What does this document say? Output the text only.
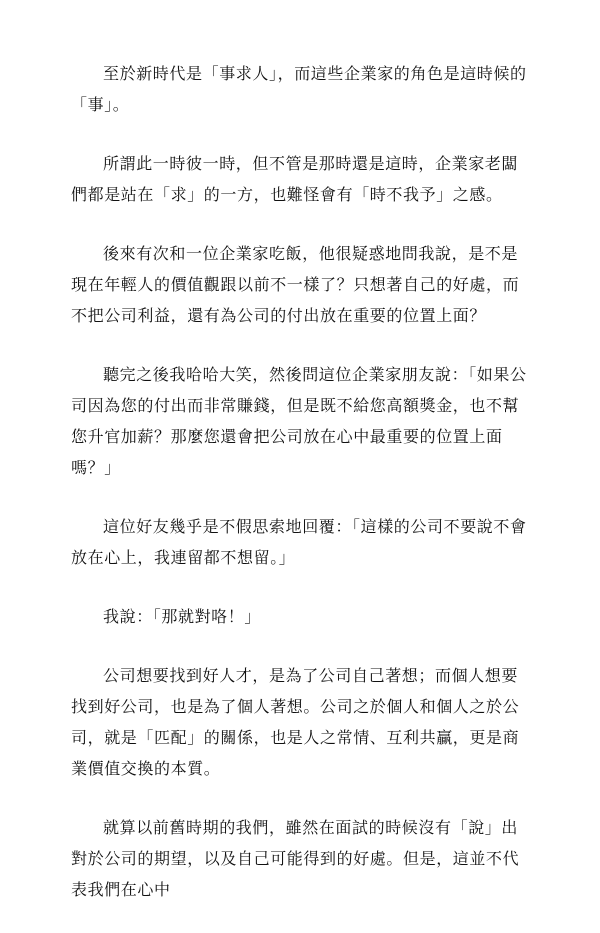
至於新時代是「事求人」，而這些企業家的角色是這時候的「事」。

所謂此一時彼一時，但不管是那時還是這時，企業家老闆們都是站在「求」的一方，也難怪會有「時不我予」之感。

後來有次和一位企業家吃飯，他很疑惑地問我說，是不是現在年輕人的價值觀跟以前不一樣了？只想著自己的好處，而不把公司利益，還有為公司的付出放在重要的位置上面？

聽完之後我哈哈大笑，然後問這位企業家朋友說：「如果公司因為您的付出而非常賺錢，但是既不給您高額獎金，也不幫您升官加薪？那麼您還會把公司放在心中最重要的位置上面嗎？」

這位好友幾乎是不假思索地回覆：「這樣的公司不要說不會放在心上，我連留都不想留。」

我說：「那就對咯！」

公司想要找到好人才，是為了公司自己著想；而個人想要找到好公司，也是為了個人著想。公司之於個人和個人之於公司，就是「匹配」的關係，也是人之常情、互利共贏，更是商業價值交換的本質。

就算以前舊時期的我們，雖然在面試的時候沒有「說」出對於公司的期望，以及自己可能得到的好處。但是，這並不代表我們在心中
